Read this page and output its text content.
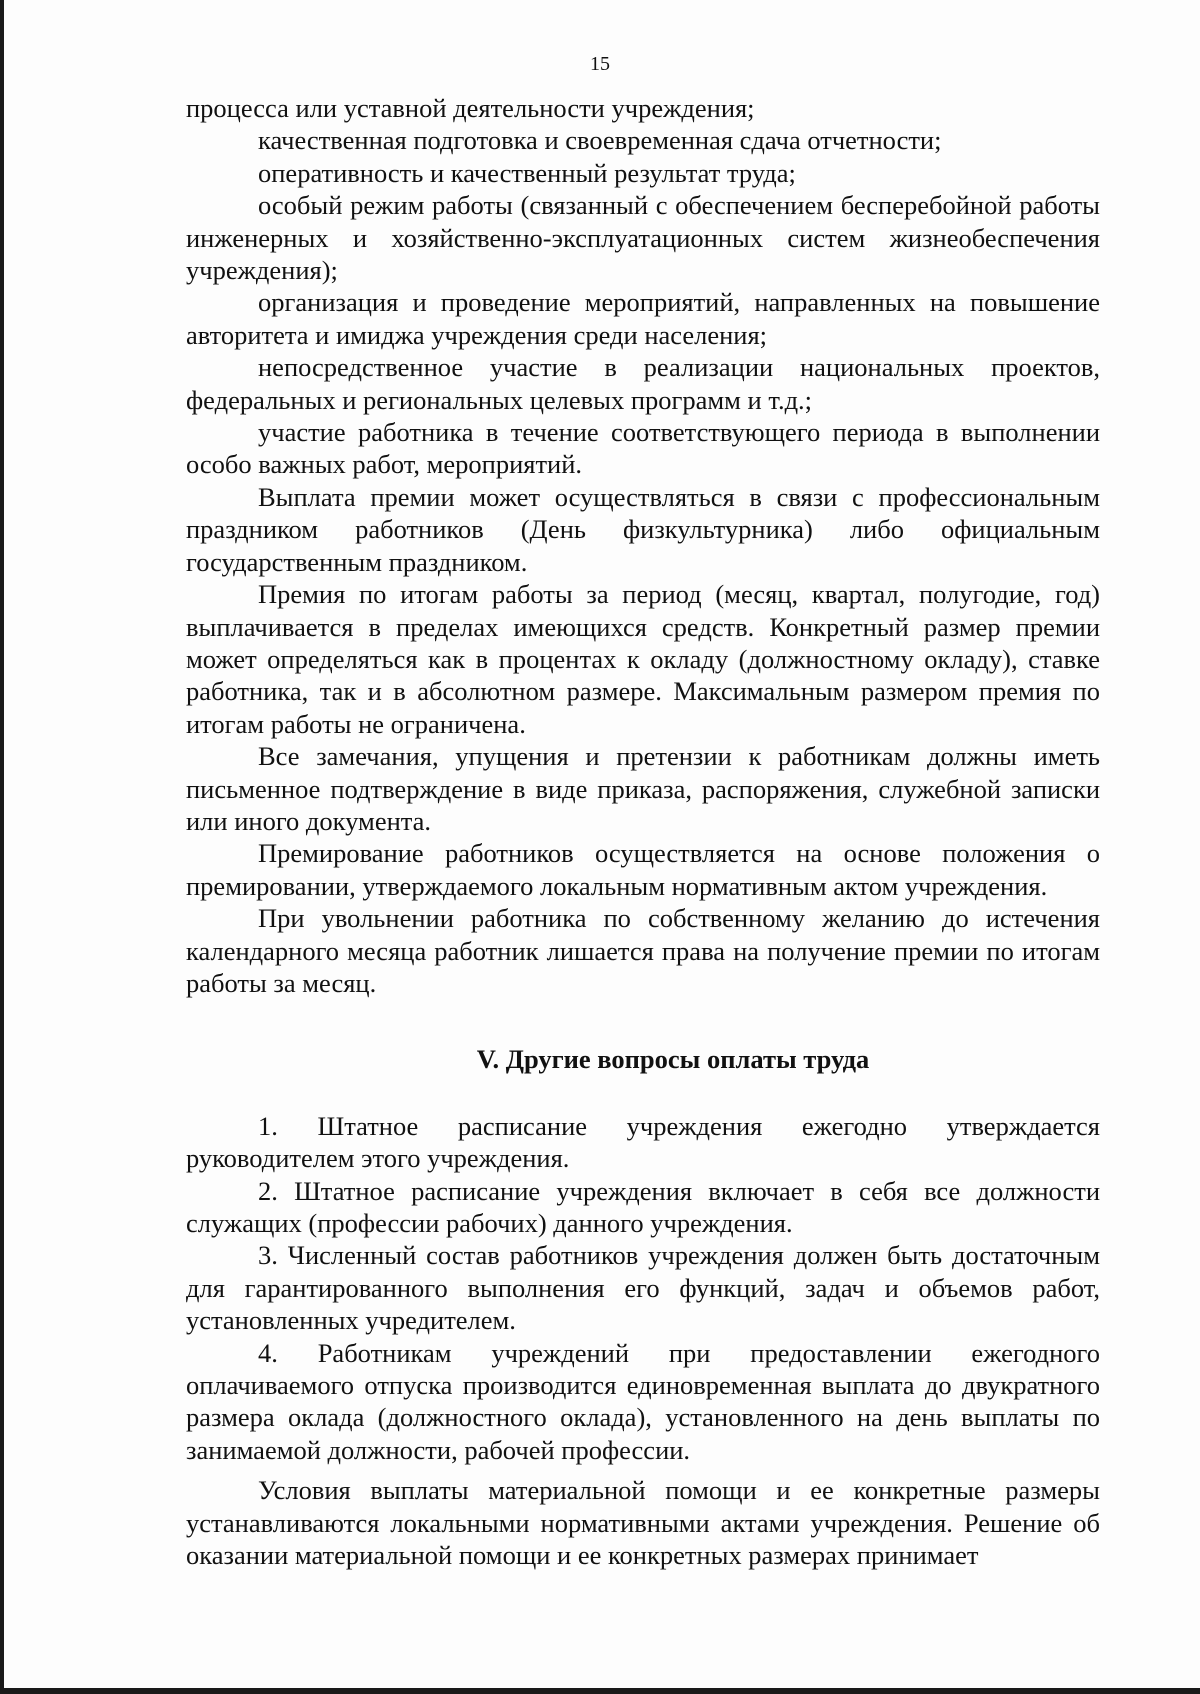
15

процесса или уставной деятельности учреждения;

качественная подготовка и своевременная сдача отчетности;

оперативность и качественный результат труда;

особый режим работы (связанный с обеспечением бесперебойной работы инженерных и хозяйственно-эксплуатационных систем жизнеобеспечения учреждения);

организация и проведение мероприятий, направленных на повышение авторитета и имиджа учреждения среди населения;

непосредственное участие в реализации национальных проектов, федеральных и региональных целевых программ и т.д.;

участие работника в течение соответствующего периода в выполнении особо важных работ, мероприятий.

Выплата премии может осуществляться в связи с профессиональным праздником работников (День физкультурника) либо официальным государственным праздником.

Премия по итогам работы за период (месяц, квартал, полугодие, год) выплачивается в пределах имеющихся средств. Конкретный размер премии может определяться как в процентах к окладу (должностному окладу), ставке работника, так и в абсолютном размере. Максимальным размером премия по итогам работы не ограничена.

Все замечания, упущения и претензии к работникам должны иметь письменное подтверждение в виде приказа, распоряжения, служебной записки или иного документа.

Премирование работников осуществляется на основе положения о премировании, утверждаемого локальным нормативным актом учреждения.

При увольнении работника по собственному желанию до истечения календарного месяца работник лишается права на получение премии по итогам работы за месяц.

V. Другие вопросы оплаты труда

1. Штатное расписание учреждения ежегодно утверждается руководителем этого учреждения.

2. Штатное расписание учреждения включает в себя все должности служащих (профессии рабочих) данного учреждения.

3. Численный состав работников учреждения должен быть достаточным для гарантированного выполнения его функций, задач и объемов работ, установленных учредителем.

4. Работникам учреждений при предоставлении ежегодного оплачиваемого отпуска производится единовременная выплата до двукратного размера оклада (должностного оклада), установленного на день выплаты по занимаемой должности, рабочей профессии.

Условия выплаты материальной помощи и ее конкретные размеры устанавливаются локальными нормативными актами учреждения. Решение об оказании материальной помощи и ее конкретных размерах принимает
